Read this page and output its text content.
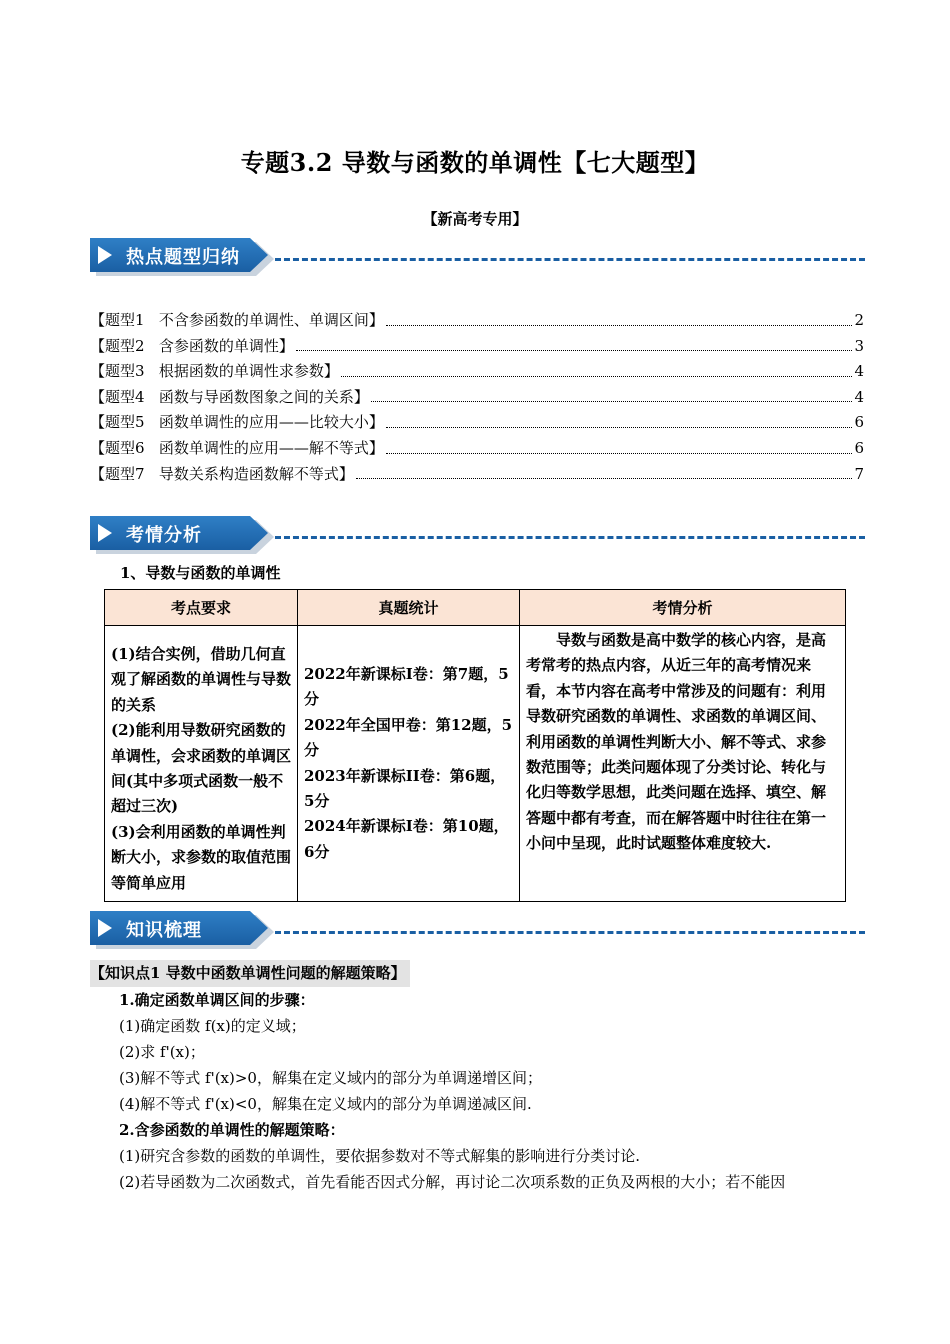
专题3.2 导数与函数的单调性【七大题型】
【新高考专用】
热点题型归纳
【题型1   不含参函数的单调性、单调区间】	2
【题型2   含参函数的单调性】	3
【题型3   根据函数的单调性求参数】	4
【题型4   函数与导函数图象之间的关系】	4
【题型5   函数单调性的应用——比较大小】	6
【题型6   函数单调性的应用——解不等式】	6
【题型7   导数关系构造函数解不等式】	7
考情分析
1、导数与函数的单调性
考点要求	真题统计	考情分析
(1)结合实例，借助几何直观了解函数的单调性与导数的关系
(2)能利用导数研究函数的单调性，会求函数的单调区间(其中多项式函数一般不超过三次)
(3)会利用函数的单调性判断大小，求参数的取值范围等简单应用	2022年新课标I卷：第7题，5分
2022年全国甲卷：第12题，5分
2023年新课标II卷：第6题，5分
2024年新课标I卷：第10题，6分	导数与函数是高中数学的核心内容，是高考常考的热点内容，从近三年的高考情况来看，本节内容在高考中常涉及的问题有：利用导数研究函数的单调性、求函数的单调区间、利用函数的单调性判断大小、解不等式、求参数范围等；此类问题体现了分类讨论、转化与化归等数学思想，此类问题在选择、填空、解答题中都有考查，而在解答题中时往往在第一小问中呈现，此时试题整体难度较大.
知识梳理
【知识点1 导数中函数单调性问题的解题策略】
1.确定函数单调区间的步骤：
(1)确定函数 f(x)的定义域；
(2)求 f'(x)；
(3)解不等式 f'(x)>0，解集在定义域内的部分为单调递增区间；
(4)解不等式 f'(x)<0，解集在定义域内的部分为单调递减区间.
2.含参函数的单调性的解题策略：
(1)研究含参数的函数的单调性，要依据参数对不等式解集的影响进行分类讨论.
(2)若导函数为二次函数式，首先看能否因式分解，再讨论二次项系数的正负及两根的大小；若不能因
